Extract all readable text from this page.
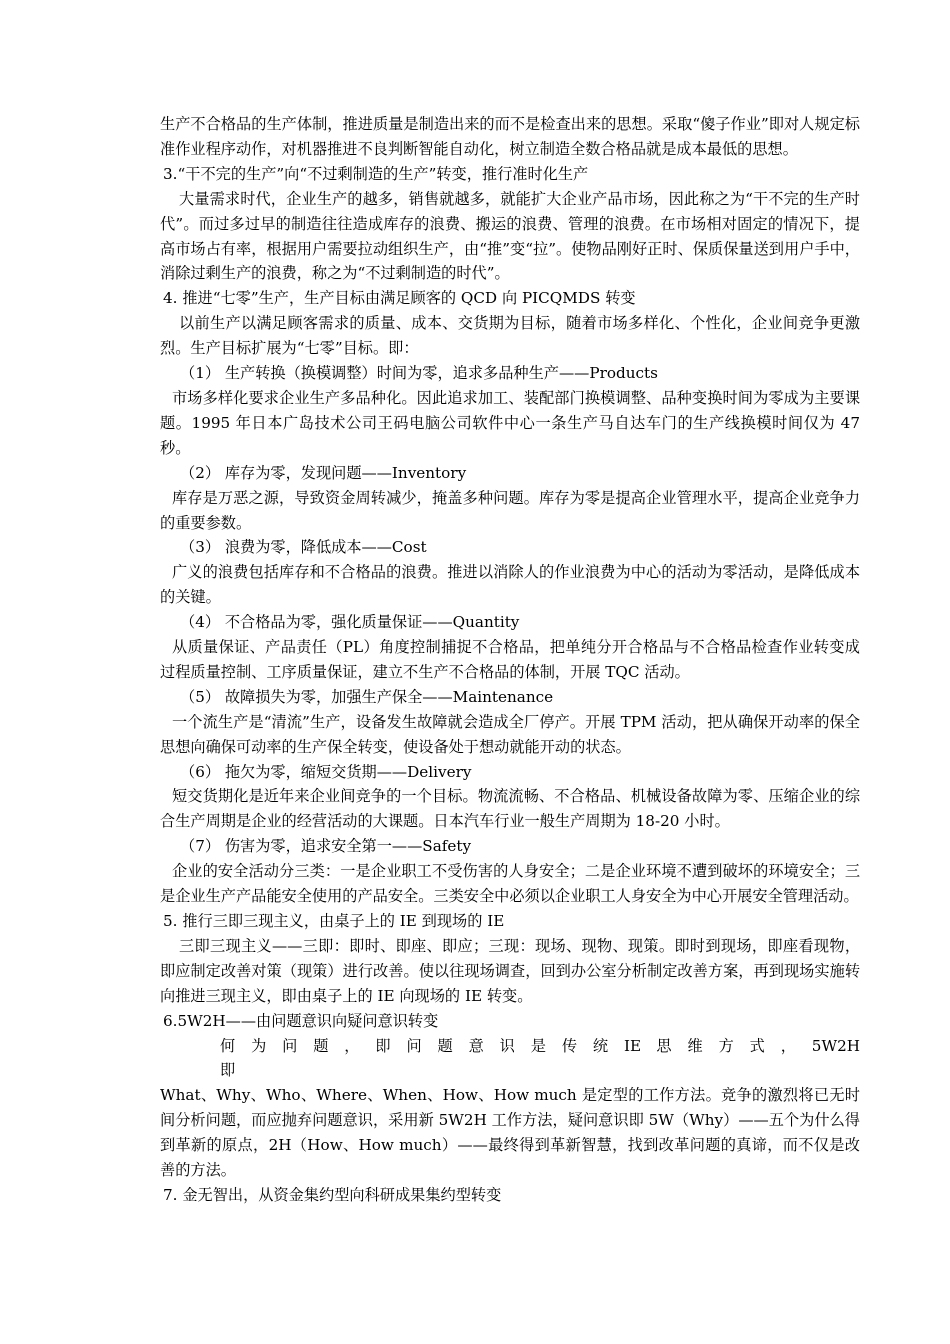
生产不合格品的生产体制，推进质量是制造出来的而不是检查出来的思想。采取“傻子作业”即对人规定标准作业程序动作，对机器推进不良判断智能自动化，树立制造全数合格品就是成本最低的思想。

3.“干不完的生产”向“不过剩制造的生产”转变，推行准时化生产

大量需求时代，企业生产的越多，销售就越多，就能扩大企业产品市场，因此称之为“干不完的生产时代”。而过多过早的制造往往造成库存的浪费、搬运的浪费、管理的浪费。在市场相对固定的情况下，提高市场占有率，根据用户需要拉动组织生产，由“推”变“拉”。使物品刚好正时、保质保量送到用户手中，消除过剩生产的浪费，称之为“不过剩制造的时代”。

4. 推进“七零”生产，生产目标由满足顾客的 QCD 向 PICQMDS 转变

以前生产以满足顾客需求的质量、成本、交货期为目标，随着市场多样化、个性化，企业间竞争更激烈。生产目标扩展为“七零”目标。即：

（1） 生产转换（换模调整）时间为零，追求多品种生产——Products

市场多样化要求企业生产多品种化。因此追求加工、装配部门换模调整、品种变换时间为零成为主要课题。1995 年日本广岛技术公司王码电脑公司软件中心一条生产马自达车门的生产线换模时间仅为 47 秒。

（2） 库存为零，发现问题——Inventory

库存是万恶之源，导致资金周转减少，掩盖多种问题。库存为零是提高企业管理水平，提高企业竞争力的重要参数。

（3） 浪费为零，降低成本——Cost

广义的浪费包括库存和不合格品的浪费。推进以消除人的作业浪费为中心的活动为零活动，是降低成本的关键。

（4） 不合格品为零，强化质量保证——Quantity

从质量保证、产品责任（PL）角度控制捕捉不合格品，把单纯分开合格品与不合格品检查作业转变成过程质量控制、工序质量保证，建立不生产不合格品的体制，开展 TQC 活动。

（5） 故障损失为零，加强生产保全——Maintenance

一个流生产是“清流”生产，设备发生故障就会造成全厂停产。开展 TPM 活动，把从确保开动率的保全思想向确保可动率的生产保全转变，使设备处于想动就能开动的状态。

（6） 拖欠为零，缩短交货期——Delivery

短交货期化是近年来企业间竞争的一个目标。物流流畅、不合格品、机械设备故障为零、压缩企业的综合生产周期是企业的经营活动的大课题。日本汽车行业一般生产周期为 18-20 小时。

（7） 伤害为零，追求安全第一——Safety

企业的安全活动分三类：一是企业职工不受伤害的人身安全；二是企业环境不遭到破坏的环境安全；三是企业生产产品能安全使用的产品安全。三类安全中必须以企业职工人身安全为中心开展安全管理活动。

5. 推行三即三现主义，由桌子上的 IE 到现场的 IE

三即三现主义——三即：即时、即座、即应；三现：现场、现物、现策。即时到现场，即座看现物，即应制定改善对策（现策）进行改善。使以往现场调查，回到办公室分析制定改善方案，再到现场实施转向推进三现主义，即由桌子上的 IE 向现场的 IE 转变。

6.5W2H——由问题意识向疑问意识转变

何 为 问 题 ， 即 问 题 意 识 是 传 统 IE 思 维 方 式 ， 5W2H 即

What、Why、Who、Where、When、How、How much 是定型的工作方法。竞争的激烈将已无时间分析问题，而应抛弃问题意识，采用新 5W2H 工作方法，疑问意识即 5W（Why）——五个为什么得到革新的原点，2H（How、How much）——最终得到革新智慧，找到改革问题的真谛，而不仅是改善的方法。

7. 金无智出，从资金集约型向科研成果集约型转变
